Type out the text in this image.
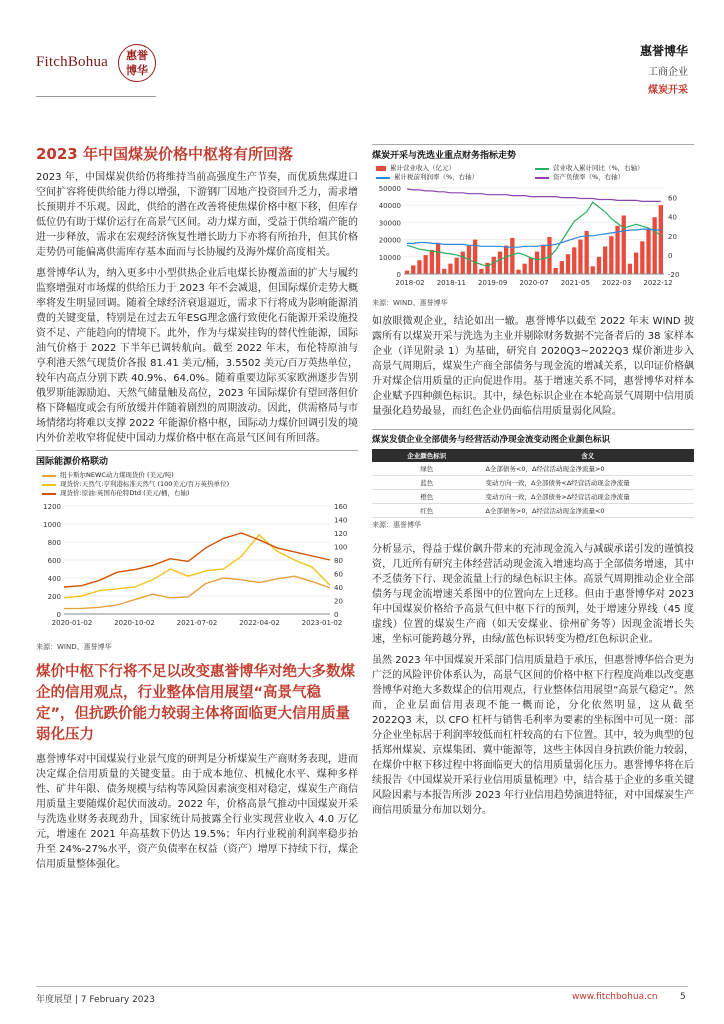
FitchBohua	惠誉
博华
惠誉博华
工商企业
煤炭开采
2023 年中国煤炭价格中枢将有所回落
2023 年，中国煤炭供给仍将维持当前高强度生产节奏，而优质焦煤进口空间扩容将使供给能力得以增强，下游钢厂因地产投资回升乏力，需求增长预期并不乐观。因此，供给的潜在改善将使焦煤价格中枢下移，但库存低位仍有助于煤价运行在高景气区间。动力煤方面，受益于供给端产能的进一步释放，需求在宏观经济恢复性增长助力下亦将有所抬升，但其价格走势仍可能偏离供需库存基本面而与长协履约及海外煤价高度相关。
惠誉博华认为，纳入更多中小型供热企业后电煤长协覆盖面的扩大与履约监察增强对市场煤的供给压力于 2023 年不会减退，但国际煤价走势大概率将发生明显回调。随着全球经济衰退逼近，需求下行将成为影响能源消费的关键变量，特别是在过去五年ESG理念盛行致使化石能源开采设施投资不足、产能趋向的情境下。此外，作为与煤炭挂钩的替代性能源，国际油气价格于 2022 下半年已调转航向。截至 2022 年末，布伦特原油与亨利港天然气现货价各报 81.41 美元/桶，3.5502 美元/百万英热单位，较年内高点分别下跌 40.9%、64.0%。随着重要边际买家欧洲逐步告别俄罗斯能源励迫、天然气储量触及高位，2023 年国际煤价有望回落但价格下降幅度或会有所放缓并伴随着剧烈的周期波动。因此，供需格局与市场情绪均将难以支撑 2022 年能源价格中枢，国际动力煤价回调引发的境内外价差收窄将促使中国动力煤价格中枢在高景气区间有所回落。
国际能源价格联动
纽卡斯尔NEWC动力煤现货价 (美元/吨)
现货价:天然气:亨利港标准天然气 (100美元/百万英热单位)
现货价:原油:英国布伦特Dtd (美元/桶，右轴)
1200
1000
800
600
400
200
0
160
140
120
100
80
60
40
20
0
2020-01-02	2020-10-02	2021-07-02	2022-04-02	2023-01-02
来源：WIND、惠誉博华
煤价中枢下行将不足以改变惠誉博华对绝大多数煤企的信用观点，行业整体信用展望“高景气稳定”，但抗跌价能力较弱主体将面临更大信用质量弱化压力
惠誉博华对中国煤炭行业景气度的研判是分析煤炭生产商财务表现，进而决定煤企信用质量的关键变量。由于成本地位、机械化水平、煤种多样性、矿井年限、债务规模与结构等风险因素演变相对稳定，煤炭生产商信用质量主要随煤价起伏而波动。2022 年，价格高景气推动中国煤炭开采与洗选业财务表现劲升，国家统计局披露全行业实现营业收入 4.0 万亿元，增速在 2021 年高基数下仍达 19.5%；年内行业税前利润率稳步抬升至 24%-27%水平，资产负债率在权益（资产）增厚下持续下行，煤企信用质量整体强化。
煤炭开采与洗选业重点财务指标走势
累计营业收入（亿元）	营业收入累计同比（%，右轴）
累计税前利润率（%，右轴）	资产负债率（%，右轴）
50000
40000
30000
20000
10000
0
60
40
20
0
-20
2018-02 2018-11 2019-09 2020-07 2021-05 2022-03 2022-12
来源：WIND、惠誉博华
如放眼微观企业，结论如出一辙。惠誉博华以截至 2022 年末 WIND 披露所有以煤炭开采与洗选为主业并剔除财务数据不完备者后的 38 家样本企业（详见附录 1）为基础，研究自 2020Q3~2022Q3 煤价渐进步入高景气周期后，煤炭生产商全部债务与现金流的增减关系，以印证价格飙升对煤企信用质量的正向促进作用。基于增速关系不同，惠誉博华对样本企业赋予四种颜色标识。其中，绿色标识企业在本轮高景气周期中信用质量强化趋势最显，而红色企业仍面临信用质量弱化风险。
煤炭发债企业全部债务与经营活动净现金流变动图企业颜色标识
企业颜色标识	含义
绿色	Δ全部债务<0，Δ经营活动现金净流量>0
蓝色	变动方向一致，Δ全部债务<Δ经营活动现金净流量
橙色	变动方向一致，Δ全部债务>Δ经营活动现金净流量
红色	Δ全部债务>0，Δ经营活动现金净流量<0
来源：惠誉博华
分析显示，得益于煤价飙升带来的充沛现金流入与减碳承诺引发的谨慎投资，几近所有研究主体经营活动现金流入增速均高于全部债务增速，其中不乏债务下行、现金流量上行的绿色标识主体。高景气周期推动企业全部债务与现金流增速关系图中的位置向左上迁移。但由于惠誉博华对 2023 年中国煤炭价格给予高景气但中枢下行的预判，处于增速分界线（45 度虚线）位置的煤炭生产商（如天安煤业、徐州矿务等）因现金流增长失速，坐标可能跨越分界，由绿/蓝色标识转变为橙/红色标识企业。
虽然 2023 年中国煤炭开采部门信用质量趋于承压，但惠誉博华倍合更为广泛的风险评价体系认为，高景气区间的价格中枢下行程度尚难以改变惠誉博华对绝大多数煤企的信用观点，行业整体信用展望“高景气稳定”。然而，企业层面信用表现不能一概而论，分化依然明显，这从截至 2022Q3 末，以 CFO 杠杆与销售毛利率为要素的坐标图中可见一斑：部分企业坐标居于利润率较低而杠杆较高的右下位置。其中，较为典型的包括郑州煤炭、京煤集团、冀中能源等，这些主体因自身抗跌价能力较弱，在煤价中枢下移过程中将面临更大的信用质量弱化压力。惠誉博华将在后续报告《中国煤炭开采行业信用质量梳理》中，结合基于企业的多重关键风险因素与本报告所涉 2023 年行业信用趋势演进特征，对中国煤炭生产商信用质量分布加以划分。
年度展望 | 7 February 2023	www.fitchbohua.cn 5
